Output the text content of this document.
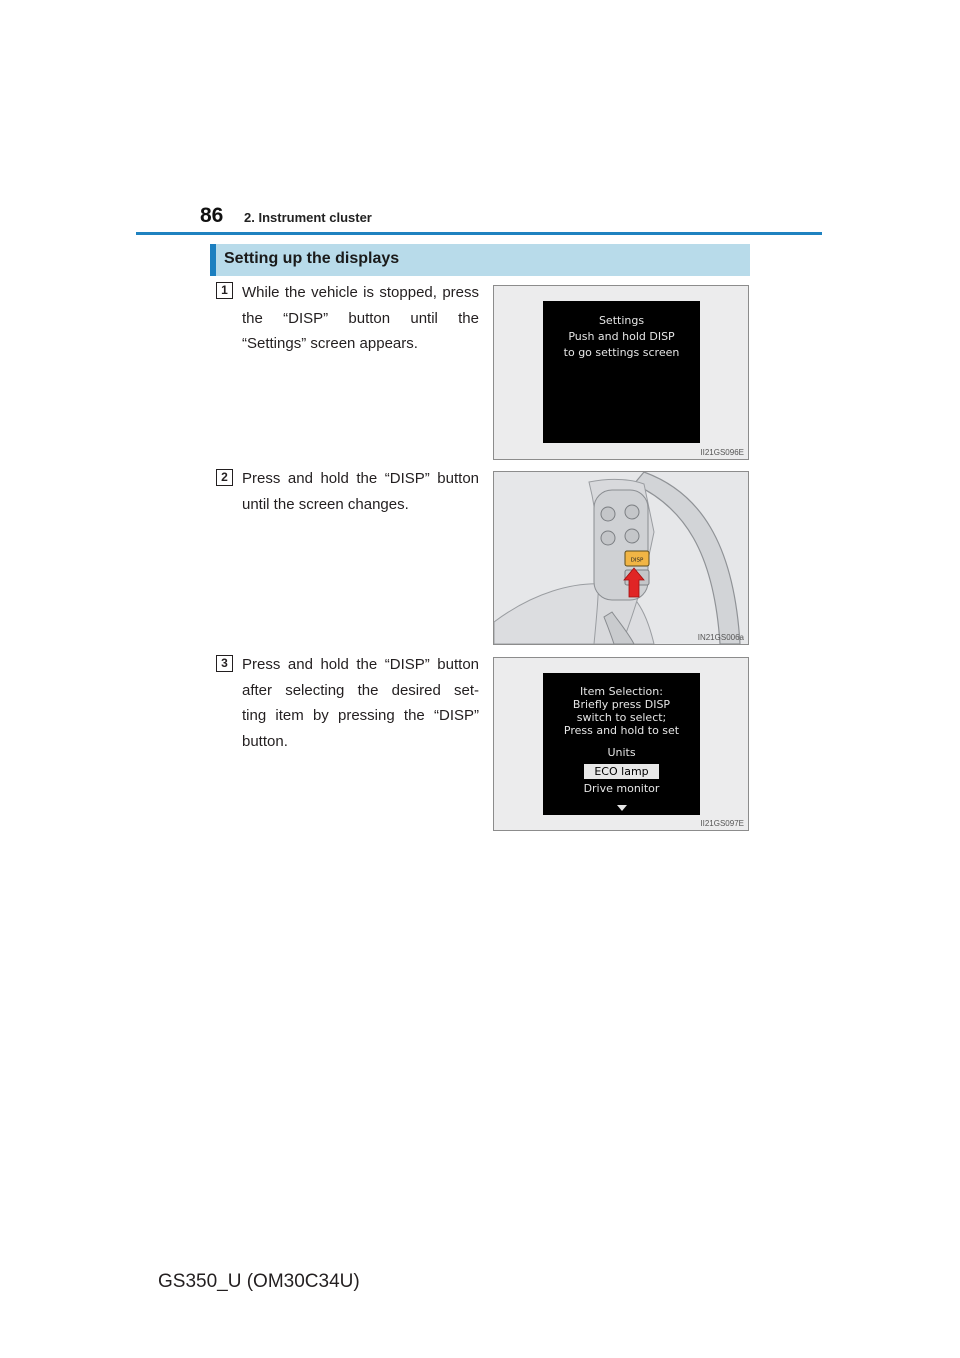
86 2. Instrument cluster
Setting up the displays
1 While the vehicle is stopped, press the “DISP” button until the “Settings” screen appears.
Settings
Push and hold DISP
to go settings screen
II21GS096E
2 Press and hold the “DISP” button until the screen changes.
DISP
IN21GS006a
3 Press and hold the “DISP” button
after selecting the desired set-
ting item by pressing the “DISP”
button.
Item Selection:
Briefly press DISP
switch to select;
Press and hold to set
Units
ECO lamp
Drive monitor
II21GS097E
GS350_U (OM30C34U)
